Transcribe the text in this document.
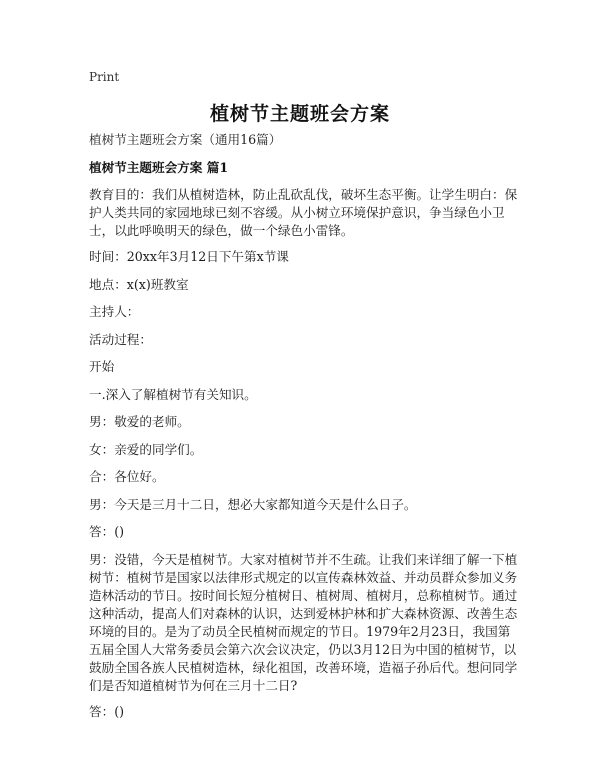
Print
植树节主题班会方案

植树节主题班会方案（通用16篇）

植树节主题班会方案 篇1

教育目的：我们从植树造林，防止乱砍乱伐，破坏生态平衡。让学生明白：保护人类共同的家园地球已刻不容缓。从小树立环境保护意识，争当绿色小卫士，以此呼唤明天的绿色，做一个绿色小雷锋。

时间：20xx年3月12日下午第x节课

地点：x(x)班教室

主持人：

活动过程：

开始

一.深入了解植树节有关知识。

男：敬爱的老师。

女：亲爱的同学们。

合：各位好。

男：今天是三月十二日，想必大家都知道今天是什么日子。

答：()

男：没错，今天是植树节。大家对植树节并不生疏。让我们来详细了解一下植树节：植树节是国家以法律形式规定的以宣传森林效益、并动员群众参加义务造林活动的节日。按时间长短分植树日、植树周、植树月，总称植树节。通过这种活动，提高人们对森林的认识，达到爱林护林和扩大森林资源、改善生态环境的目的。是为了动员全民植树而规定的节日。1979年2月23日，我国第五届全国人大常务委员会第六次会议决定，仍以3月12日为中国的植树节，以鼓励全国各族人民植树造林，绿化祖国，改善环境，造福子孙后代。想问同学们是否知道植树节为何在三月十二日?

答：()
